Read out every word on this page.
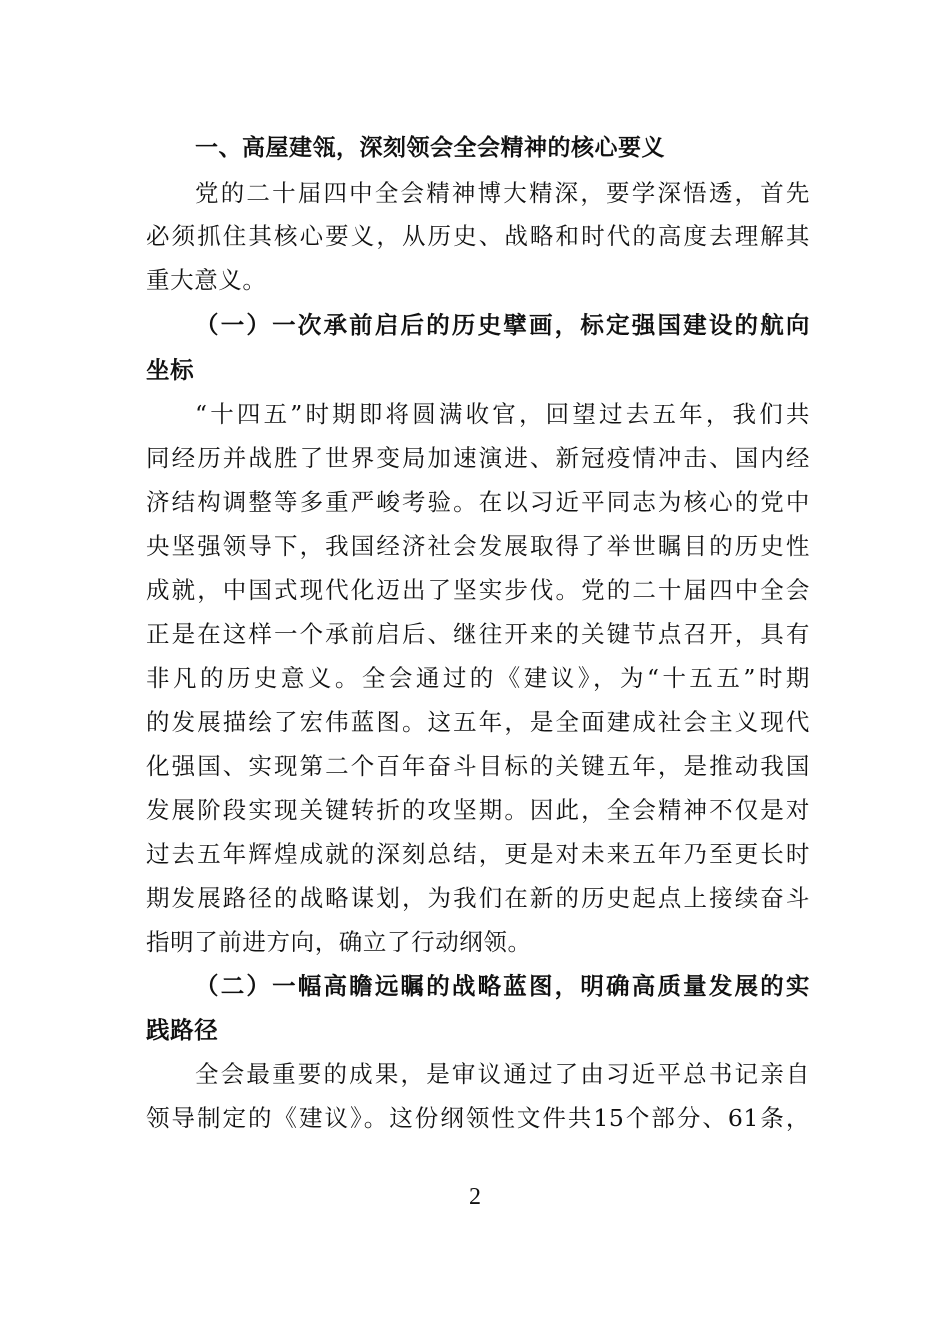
一、高屋建瓴，深刻领会全会精神的核心要义
党的二十届四中全会精神博大精深，要学深悟透，首先
必须抓住其核心要义，从历史、战略和时代的高度去理解其
重大意义。
（一）一次承前启后的历史擘画，标定强国建设的航向
坐标
“十四五”时期即将圆满收官，回望过去五年，我们共
同经历并战胜了世界变局加速演进、新冠疫情冲击、国内经
济结构调整等多重严峻考验。在以习近平同志为核心的党中
央坚强领导下，我国经济社会发展取得了举世瞩目的历史性
成就，中国式现代化迈出了坚实步伐。党的二十届四中全会
正是在这样一个承前启后、继往开来的关键节点召开，具有
非凡的历史意义。全会通过的《建议》，为“十五五”时期
的发展描绘了宏伟蓝图。这五年，是全面建成社会主义现代
化强国、实现第二个百年奋斗目标的关键五年，是推动我国
发展阶段实现关键转折的攻坚期。因此，全会精神不仅是对
过去五年辉煌成就的深刻总结，更是对未来五年乃至更长时
期发展路径的战略谋划，为我们在新的历史起点上接续奋斗
指明了前进方向，确立了行动纲领。
（二）一幅高瞻远瞩的战略蓝图，明确高质量发展的实
践路径
全会最重要的成果，是审议通过了由习近平总书记亲自
领导制定的《建议》。这份纲领性文件共15个部分、61条，
2
